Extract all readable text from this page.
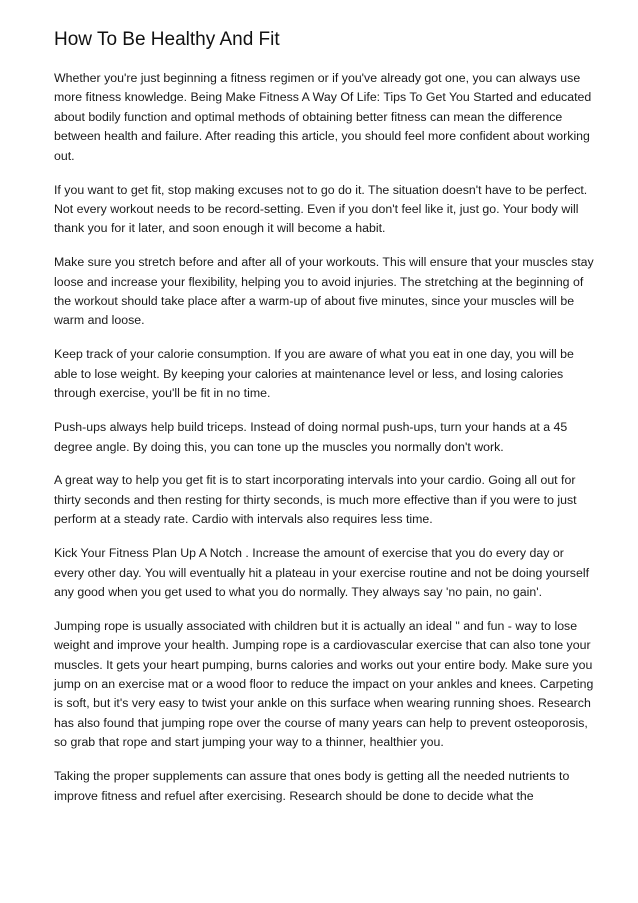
How To Be Healthy And Fit

Whether you're just beginning a fitness regimen or if you've already got one, you can always use more fitness knowledge. Being Make Fitness A Way Of Life: Tips To Get You Started and educated about bodily function and optimal methods of obtaining better fitness can mean the difference between health and failure. After reading this article, you should feel more confident about working out.

If you want to get fit, stop making excuses not to go do it. The situation doesn't have to be perfect. Not every workout needs to be record-setting. Even if you don't feel like it, just go. Your body will thank you for it later, and soon enough it will become a habit.

Make sure you stretch before and after all of your workouts. This will ensure that your muscles stay loose and increase your flexibility, helping you to avoid injuries. The stretching at the beginning of the workout should take place after a warm-up of about five minutes, since your muscles will be warm and loose.

Keep track of your calorie consumption. If you are aware of what you eat in one day, you will be able to lose weight. By keeping your calories at maintenance level or less, and losing calories through exercise, you'll be fit in no time.

Push-ups always help build triceps. Instead of doing normal push-ups, turn your hands at a 45 degree angle. By doing this, you can tone up the muscles you normally don't work.

A great way to help you get fit is to start incorporating intervals into your cardio. Going all out for thirty seconds and then resting for thirty seconds, is much more effective than if you were to just perform at a steady rate. Cardio with intervals also requires less time.

Kick Your Fitness Plan Up A Notch . Increase the amount of exercise that you do every day or every other day. You will eventually hit a plateau in your exercise routine and not be doing yourself any good when you get used to what you do normally. They always say 'no pain, no gain'.

Jumping rope is usually associated with children but it is actually an ideal " and fun - way to lose weight and improve your health. Jumping rope is a cardiovascular exercise that can also tone your muscles. It gets your heart pumping, burns calories and works out your entire body. Make sure you jump on an exercise mat or a wood floor to reduce the impact on your ankles and knees. Carpeting is soft, but it's very easy to twist your ankle on this surface when wearing running shoes. Research has also found that jumping rope over the course of many years can help to prevent osteoporosis, so grab that rope and start jumping your way to a thinner, healthier you.

Taking the proper supplements can assure that ones body is getting all the needed nutrients to improve fitness and refuel after exercising. Research should be done to decide what the
